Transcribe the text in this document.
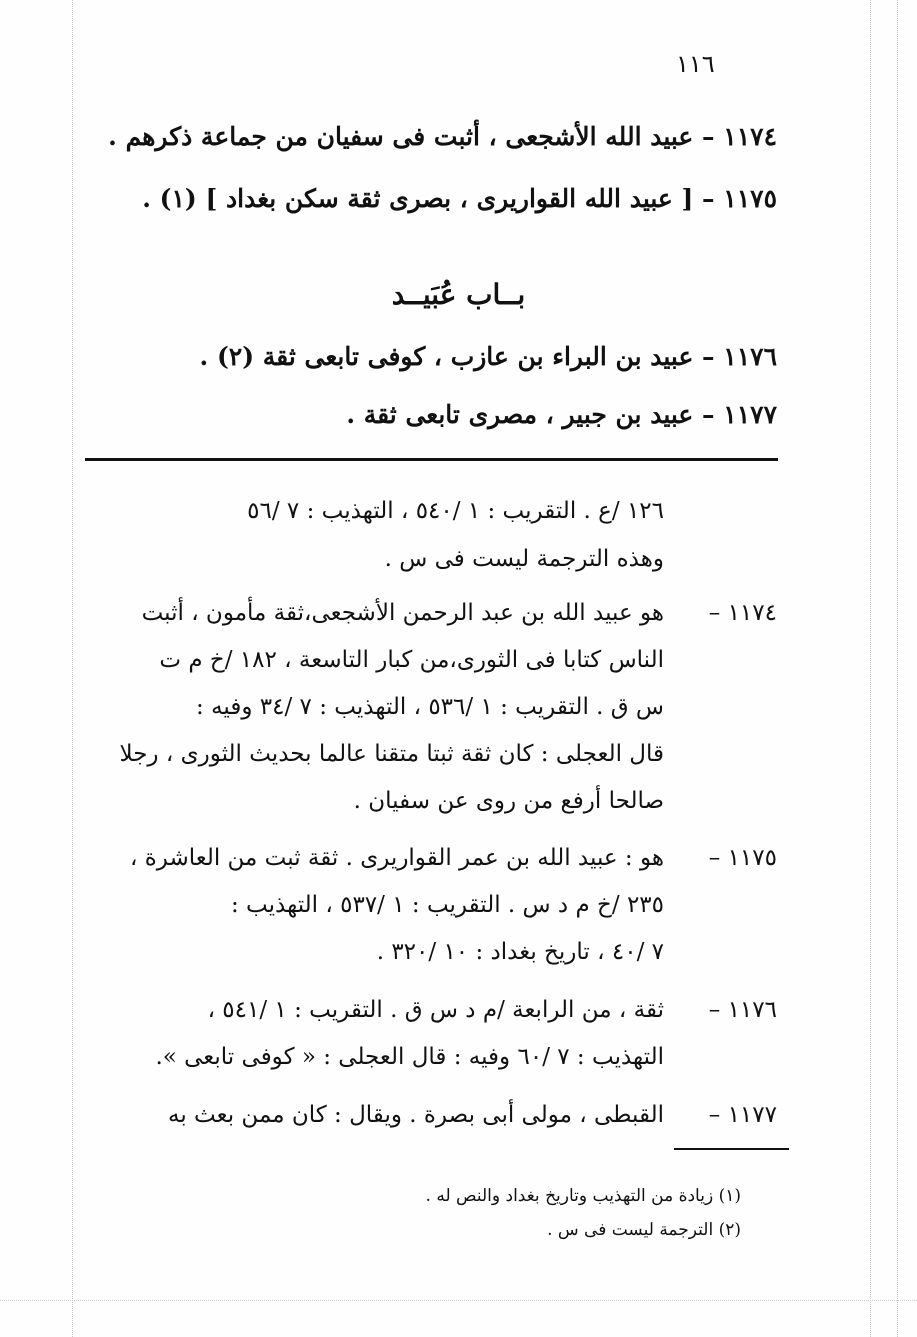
١١٦
١١٧٤ – عبيد الله الأشجعى ، أثبت فى سفيان من جماعة ذكرهم .
١١٧٥ – [ عبيد الله القواريرى ، بصرى ثقة سكن بغداد ] (١) .
بــاب عُبَيــد
١١٧٦ – عبيد بن البراء بن عازب ، كوفى تابعى ثقة (٢) .
١١٧٧ – عبيد بن جبير ، مصرى تابعى ثقة .
١٢٦ /ع . التقريب : ١ /٥٤٠ ، التهذيب : ٧ /٥٦
وهذه الترجمة ليست فى س .
١١٧٤ –
هو عبيد الله بن عبد الرحمن الأشجعى،ثقة مأمون ، أثبت
الناس كتابا فى الثورى،من كبار التاسعة ، ١٨٢ /خ م ت
س ق . التقريب : ١ /٥٣٦ ، التهذيب : ٧ /٣٤ وفيه :
قال العجلى : كان ثقة ثبتا متقنا عالما بحديث الثورى ، رجلا
صالحا أرفع من روى عن سفيان .
١١٧٥ –
هو : عبيد الله بن عمر القواريرى . ثقة ثبت من العاشرة ،
٢٣٥ /خ م د س . التقريب : ١ /٥٣٧ ، التهذيب :
٧ /٤٠ ، تاريخ بغداد : ١٠ /٣٢٠ .
١١٧٦ –
ثقة ، من الرابعة /م د س ق . التقريب : ١ /٥٤١ ،
التهذيب : ٧ /٦٠ وفيه : قال العجلى : « كوفى تابعى ».
١١٧٧ –
القبطى ، مولى أبى بصرة . ويقال : كان ممن بعث به
(١) زيادة من التهذيب وتاريخ بغداد والنص له .
(٢) الترجمة ليست فى س .
